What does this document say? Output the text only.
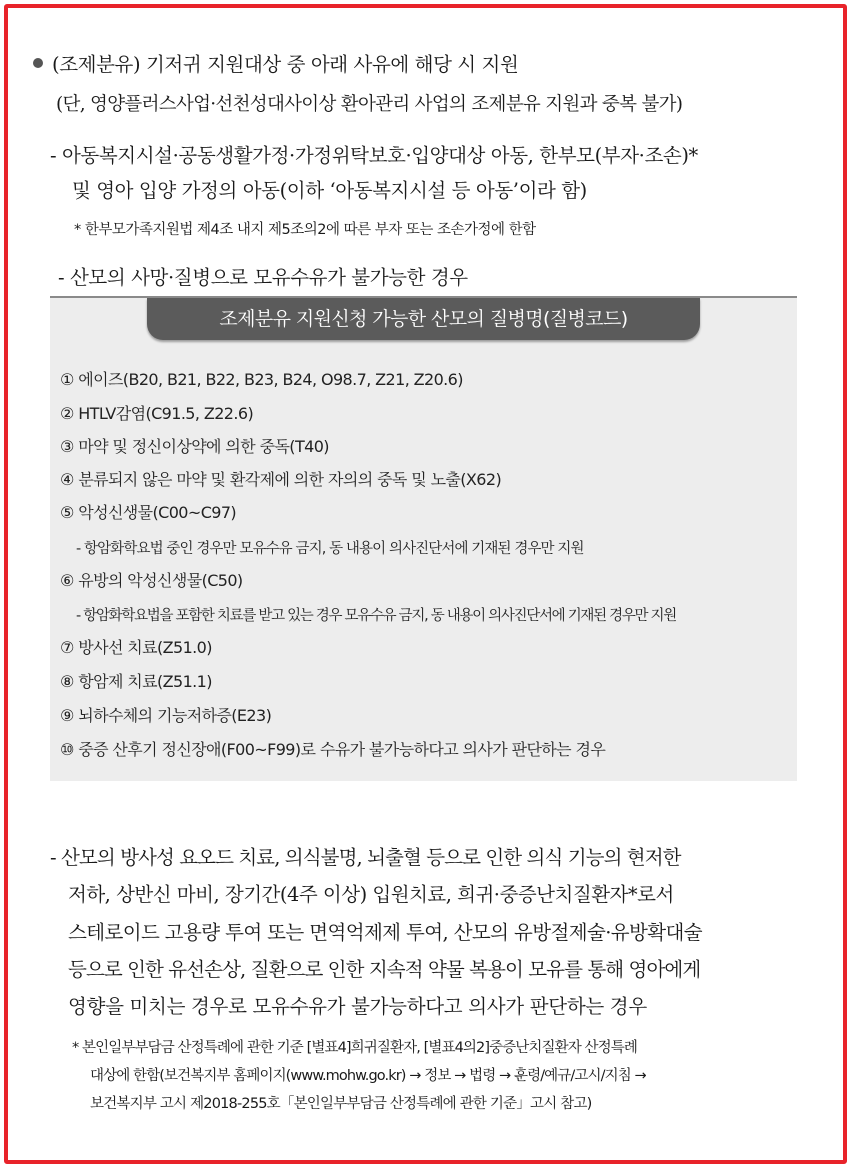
(조제분유) 기저귀 지원대상 중 아래 사유에 해당 시 지원
(단, 영양플러스사업·선천성대사이상 환아관리 사업의 조제분유 지원과 중복 불가)
- 아동복지시설·공동생활가정·가정위탁보호·입양대상 아동, 한부모(부자·조손)*
및 영아 입양 가정의 아동(이하 ‘아동복지시설 등 아동’이라 함)
* 한부모가족지원법 제4조 내지 제5조의2에 따른 부자 또는 조손가정에 한함
- 산모의 사망·질병으로 모유수유가 불가능한 경우
조제분유 지원신청 가능한 산모의 질병명(질병코드)
① 에이즈(B20, B21, B22, B23, B24, O98.7, Z21, Z20.6)
② HTLV감염(C91.5, Z22.6)
③ 마약 및 정신이상약에 의한 중독(T40)
④ 분류되지 않은 마약 및 환각제에 의한 자의의 중독 및 노출(X62)
⑤ 악성신생물(C00~C97)
- 항암화학요법 중인 경우만 모유수유 금지, 동 내용이 의사진단서에 기재된 경우만 지원
⑥ 유방의 악성신생물(C50)
- 항암화학요법을 포함한 치료를 받고 있는 경우 모유수유 금지, 동 내용이 의사진단서에 기재된 경우만 지원
⑦ 방사선 치료(Z51.0)
⑧ 항암제 치료(Z51.1)
⑨ 뇌하수체의 기능저하증(E23)
⑩ 중증 산후기 정신장애(F00~F99)로 수유가 불가능하다고 의사가 판단하는 경우
- 산모의 방사성 요오드 치료, 의식불명, 뇌출혈 등으로 인한 의식 기능의 현저한
저하, 상반신 마비, 장기간(4주 이상) 입원치료, 희귀·중증난치질환자*로서
스테로이드 고용량 투여 또는 면역억제제 투여, 산모의 유방절제술·유방확대술
등으로 인한 유선손상, 질환으로 인한 지속적 약물 복용이 모유를 통해 영아에게
영향을 미치는 경우로 모유수유가 불가능하다고 의사가 판단하는 경우
* 본인일부부담금 산정특례에 관한 기준 [별표4]희귀질환자, [별표4의2]중증난치질환자 산정특례
대상에 한함(보건복지부 홈페이지(www.mohw.go.kr) → 정보 → 법령 → 훈령/예규/고시/지침 →
보건복지부 고시 제2018-255호「본인일부부담금 산정특례에 관한 기준」고시 참고)
